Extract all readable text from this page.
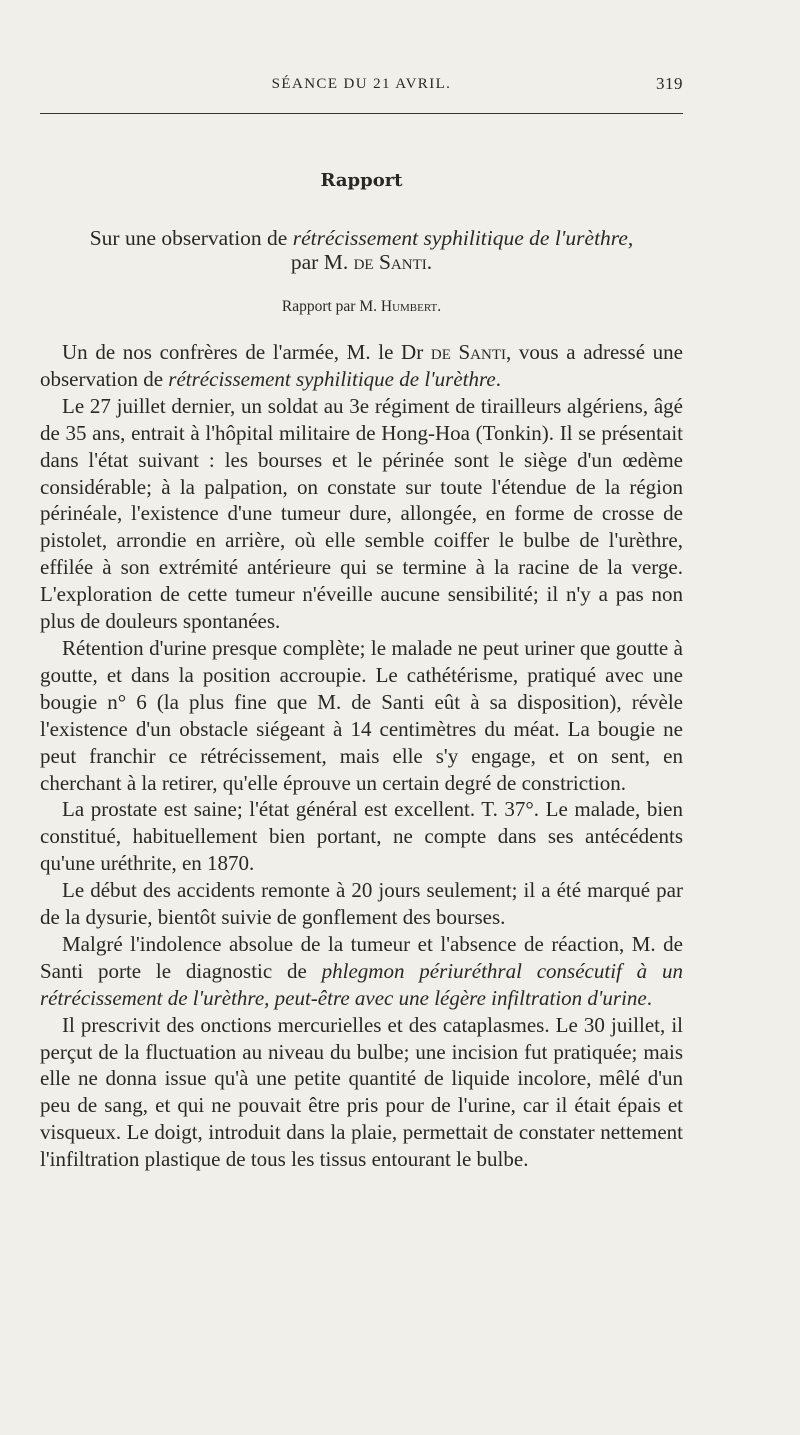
SÉANCE DU 21 AVRIL.	319
Rapport
Sur une observation de rétrécissement syphilitique de l'urèthre,
par M. de Santi.
Rapport par M. Humbert.

Un de nos confrères de l'armée, M. le Dr de Santi, vous a adressé une observation de rétrécissement syphilitique de l'urèthre.

Le 27 juillet dernier, un soldat au 3e régiment de tirailleurs algériens, âgé de 35 ans, entrait à l'hôpital militaire de Hong-Hoa (Tonkin). Il se présentait dans l'état suivant : les bourses et le périnée sont le siège d'un œdème considérable; à la palpation, on constate sur toute l'étendue de la région périnéale, l'existence d'une tumeur dure, allongée, en forme de crosse de pistolet, arrondie en arrière, où elle semble coiffer le bulbe de l'urèthre, effilée à son extrémité antérieure qui se termine à la racine de la verge. L'exploration de cette tumeur n'éveille aucune sensibilité; il n'y a pas non plus de douleurs spontanées.

Rétention d'urine presque complète; le malade ne peut uriner que goutte à goutte, et dans la position accroupie. Le cathétérisme, pratiqué avec une bougie n° 6 (la plus fine que M. de Santi eût à sa disposition), révèle l'existence d'un obstacle siégeant à 14 centimètres du méat. La bougie ne peut franchir ce rétrécissement, mais elle s'y engage, et on sent, en cherchant à la retirer, qu'elle éprouve un certain degré de constriction.

La prostate est saine; l'état général est excellent. T. 37°. Le malade, bien constitué, habituellement bien portant, ne compte dans ses antécédents qu'une uréthrite, en 1870.

Le début des accidents remonte à 20 jours seulement; il a été marqué par de la dysurie, bientôt suivie de gonflement des bourses.

Malgré l'indolence absolue de la tumeur et l'absence de réaction, M. de Santi porte le diagnostic de phlegmon périuréthral consécutif à un rétrécissement de l'urèthre, peut-être avec une légère infiltration d'urine.

Il prescrivit des onctions mercurielles et des cataplasmes. Le 30 juillet, il perçut de la fluctuation au niveau du bulbe; une incision fut pratiquée; mais elle ne donna issue qu'à une petite quantité de liquide incolore, mêlé d'un peu de sang, et qui ne pouvait être pris pour de l'urine, car il était épais et visqueux. Le doigt, introduit dans la plaie, permettait de constater nettement l'infiltration plastique de tous les tissus entourant le bulbe.
